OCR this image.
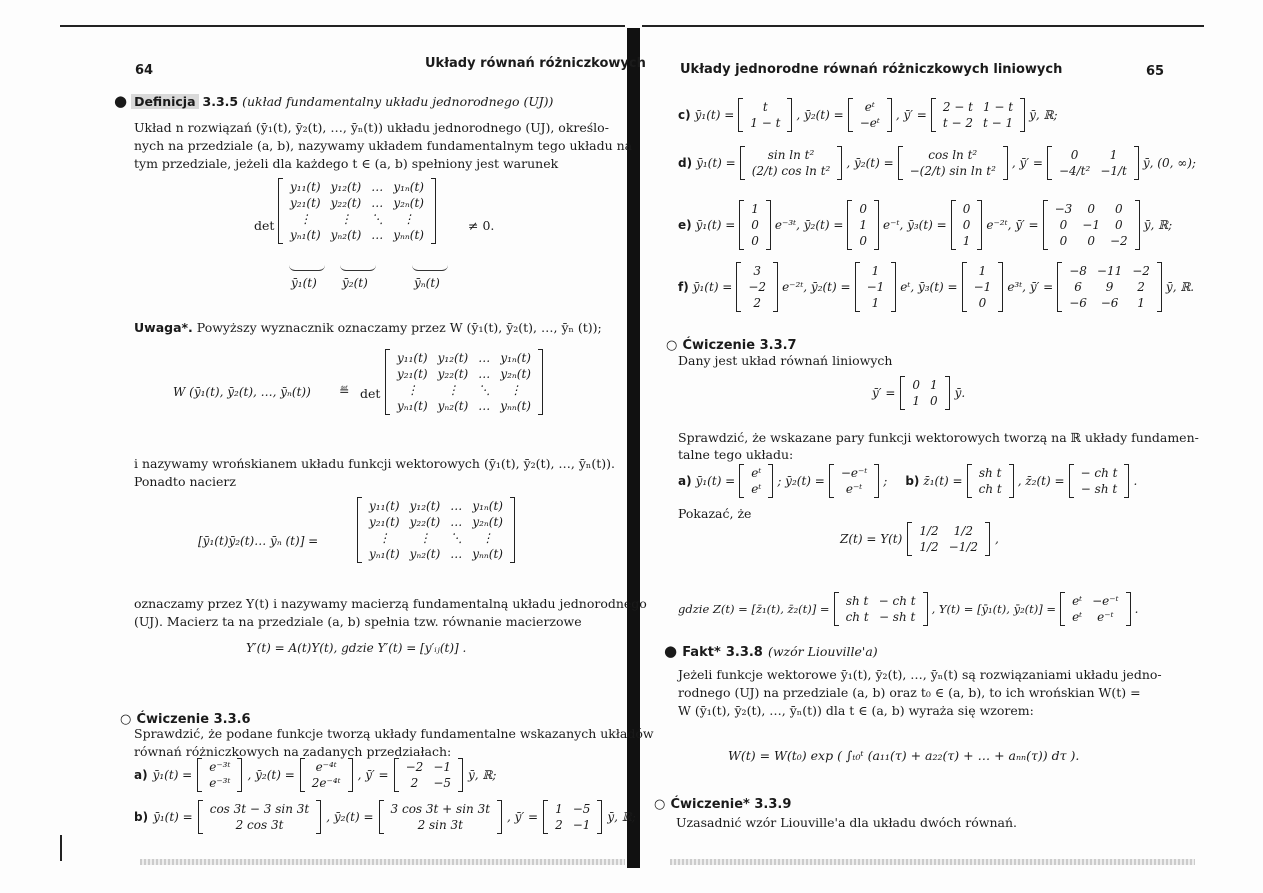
64	Układy równań różniczkowych
● Definicja 3.3.5 (układ fundamentalny układu jednorodnego (UJ))
Układ n rozwiązań (ȳ₁(t), ȳ₂(t), …, ȳₙ(t)) układu jednorodnego (UJ), określo-
nych na przedziale (a, b), nazywamy układem fundamentalnym tego układu na
tym przedziale, jeżeli dla każdego t ∈ (a, b) spełniony jest warunek
det
y₁₁(t)	y₁₂(t)	…	y₁ₙ(t)
y₂₁(t)	y₂₂(t)	…	y₂ₙ(t)
⋮	⋮	⋱	⋮
yₙ₁(t)	yₙ₂(t)	…	yₙₙ(t)
≠ 0.
ȳ₁(t) ȳ₂(t)	ȳₙ(t)
Uwaga*. Powyższy wyznacznik oznaczamy przez W (ȳ₁(t), ȳ₂(t), …, ȳₙ (t));
W (ȳ₁(t), ȳ₂(t), …, ȳₙ(t)) ≝ det
y₁₁(t)	y₁₂(t)	…	y₁ₙ(t)
y₂₁(t)	y₂₂(t)	…	y₂ₙ(t)
⋮	⋮	⋱	⋮
yₙ₁(t)	yₙ₂(t)	…	yₙₙ(t)
i nazywamy wrońskianem układu funkcji wektorowych (ȳ₁(t), ȳ₂(t), …, ȳₙ(t)).
Ponadto nacierz
[ȳ₁(t)ȳ₂(t)… ȳₙ (t)] =
y₁₁(t)	y₁₂(t)	…	y₁ₙ(t)
y₂₁(t)	y₂₂(t)	…	y₂ₙ(t)
⋮	⋮	⋱	⋮
yₙ₁(t)	yₙ₂(t)	…	yₙₙ(t)
oznaczamy przez Y(t) i nazywamy macierzą fundamentalną układu jednorodnego
(UJ). Macierz ta na przedziale (a, b) spełnia tzw. równanie macierzowe
Y′(t) = A(t)Y(t), gdzie Y′(t) = [y′ᵢⱼ(t)] .
○ Ćwiczenie 3.3.6
Sprawdzić, że podane funkcje tworzą układy fundamentalne wskazanych układów
równań różniczkowych na zadanych przedziałach:
a) ȳ₁(t) =
e⁻³ᵗ
e⁻³ᵗ
, ȳ₂(t) =
e⁻⁴ᵗ
2e⁻⁴ᵗ
, ȳ′ =
−2	−1
2	−5
ȳ, ℝ;
b) ȳ₁(t) =
cos 3t − 3 sin 3t
2 cos 3t
, ȳ₂(t) =
3 cos 3t + sin 3t
2 sin 3t
, ȳ′ =
1	−5
2	−1
ȳ, ℝ;
Układy jednorodne równań różniczkowych liniowych	65
c) ȳ₁(t) =
t
1 − t
, ȳ₂(t) =
eᵗ
−eᵗ
, ȳ′ =
2 − t	1 − t
t − 2	t − 1
ȳ, ℝ;
d) ȳ₁(t) =
sin ln t²
(2/t) cos ln t²
, ȳ₂(t) =
cos ln t²
−(2/t) sin ln t²
, ȳ′ =
0	1
−4/t²	−1/t
ȳ, (0, ∞);
e) ȳ₁(t) =
1
0
0
e⁻³ᵗ, ȳ₂(t) =
0
1
0
e⁻ᵗ, ȳ₃(t) =
0
0
1
e⁻²ᵗ, ȳ′ =
−3	0	0
0	−1	0
0	0	−2
ȳ, ℝ;
f) ȳ₁(t) =
3
−2
2
e⁻²ᵗ, ȳ₂(t) =
1
−1
1
eᵗ, ȳ₃(t) =
1
−1
0
e³ᵗ, ȳ′ =
−8	−11	−2
6	9	2
−6	−6	1
ȳ, ℝ.
○ Ćwiczenie 3.3.7
Dany jest układ równań liniowych
ȳ′ =
0	1
1	0
ȳ.
Sprawdzić, że wskazane pary funkcji wektorowych tworzą na ℝ układy fundamen-
talne tego układu:
a) ȳ₁(t) =
eᵗ
eᵗ
; ȳ₂(t) =
−e⁻ᵗ
e⁻ᵗ
; b) z̄₁(t) =
sh t
ch t
, z̄₂(t) =
− ch t
− sh t
.
Pokazać, że
Z(t) = Y(t)
1/2	1/2
1/2	−1/2
,
gdzie Z(t) = [z̄₁(t), z̄₂(t)] =
sh t	− ch t
ch t	− sh t
, Y(t) = [ȳ₁(t), ȳ₂(t)] =
eᵗ	−e⁻ᵗ
eᵗ	e⁻ᵗ
.
● Fakt* 3.3.8 (wzór Liouville'a)
Jeżeli funkcje wektorowe ȳ₁(t), ȳ₂(t), …, ȳₙ(t) są rozwiązaniami układu jedno-
rodnego (UJ) na przedziale (a, b) oraz t₀ ∈ (a, b), to ich wrońskian W(t) =
W (ȳ₁(t), ȳ₂(t), …, ȳₙ(t)) dla t ∈ (a, b) wyraża się wzorem:
W(t) = W(t₀) exp ( ∫ₜ₀ᵗ (a₁₁(τ) + a₂₂(τ) + … + aₙₙ(τ)) dτ ).
○ Ćwiczenie* 3.3.9
Uzasadnić wzór Liouville'a dla układu dwóch równań.
